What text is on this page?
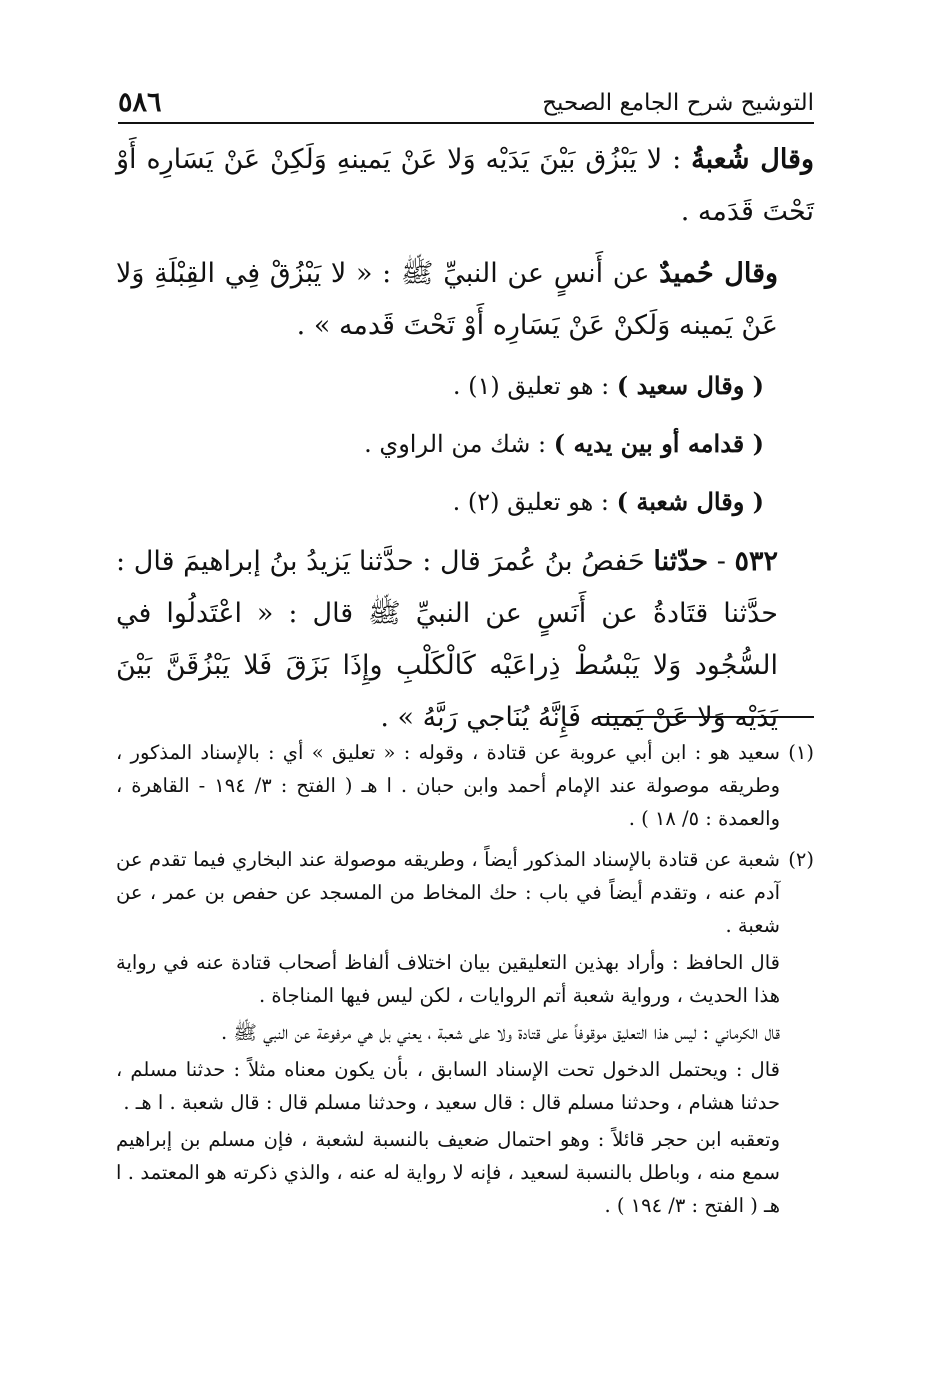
التوشيح شرح الجامع الصحيح
٥٨٦

وقال شُعبةُ : لا يَبْزُق بَيْنَ يَدَيْه وَلا عَنْ يَمينهِ وَلَكِنْ عَنْ يَسَارِه أَوْ تَحْتَ قَدَمه .

وقال حُميدٌ عن أَنسٍ عن النبيِّ ﷺ : « لا يَبْزُقْ فِي القِبْلَةِ وَلا عَنْ يَمينه وَلَكنْ عَنْ يَسَارِه أَوْ تَحْتَ قَدمه » .

( وقال سعيد ) : هو تعليق (١) .

( قدامه أو بين يديه ) : شك من الراوي .

( وقال شعبة ) : هو تعليق (٢) .

٥٣٢ - حدّثنا حَفصُ بنُ عُمرَ قال : حدَّثنا يَزيدُ بنُ إبراهيمَ قال : حدَّثنا قتَادةُ عن أَنَسٍ عن النبيِّ ﷺ قال : « اعْتَدلُوا في السُّجُود وَلا يَبْسُطْ ذِراعَيْه كَالْكَلْبِ وإِذَا بَزَقَ فَلا يَبْزُقَنَّ بَيْنَ يَدَيْه وَلا عَنْ يَمينه فَإِنَّهُ يُنَاجي رَبَّهُ » .

(١)

سعيد هو : ابن أبي عروبة عن قتادة ، وقوله : « تعليق » أي : بالإسناد المذكور ، وطريقه موصولة عند الإمام أحمد وابن حبان . ا هـ ( الفتح : ٣/ ١٩٤ - القاهرة ، والعمدة : ٥/ ١٨ ) .

(٢)

شعبة عن قتادة بالإسناد المذكور أيضاً ، وطريقه موصولة عند البخاري فيما تقدم عن آدم عنه ، وتقدم أيضاً في باب : حك المخاط من المسجد عن حفص بن عمر ، عن شعبة .

قال الحافظ : وأراد بهذين التعليقين بيان اختلاف ألفاظ أصحاب قتادة عنه في رواية هذا الحديث ، ورواية شعبة أتم الروايات ، لكن ليس فيها المناجاة .

قال الكرماني : ليس هذا التعليق موقوفاً على قتادة ولا على شعبة ، يعني بل هي مرفوعة عن النبي ﷺ .

قال : ويحتمل الدخول تحت الإسناد السابق ، بأن يكون معناه مثلاً : حدثنا مسلم ، حدثنا هشام ، وحدثنا مسلم قال : قال سعيد ، وحدثنا مسلم قال : قال شعبة . ا هـ .

وتعقبه ابن حجر قائلاً : وهو احتمال ضعيف بالنسبة لشعبة ، فإن مسلم بن إبراهيم سمع منه ، وباطل بالنسبة لسعيد ، فإنه لا رواية له عنه ، والذي ذكرته هو المعتمد . ا هـ ( الفتح : ٣/ ١٩٤ ) .
